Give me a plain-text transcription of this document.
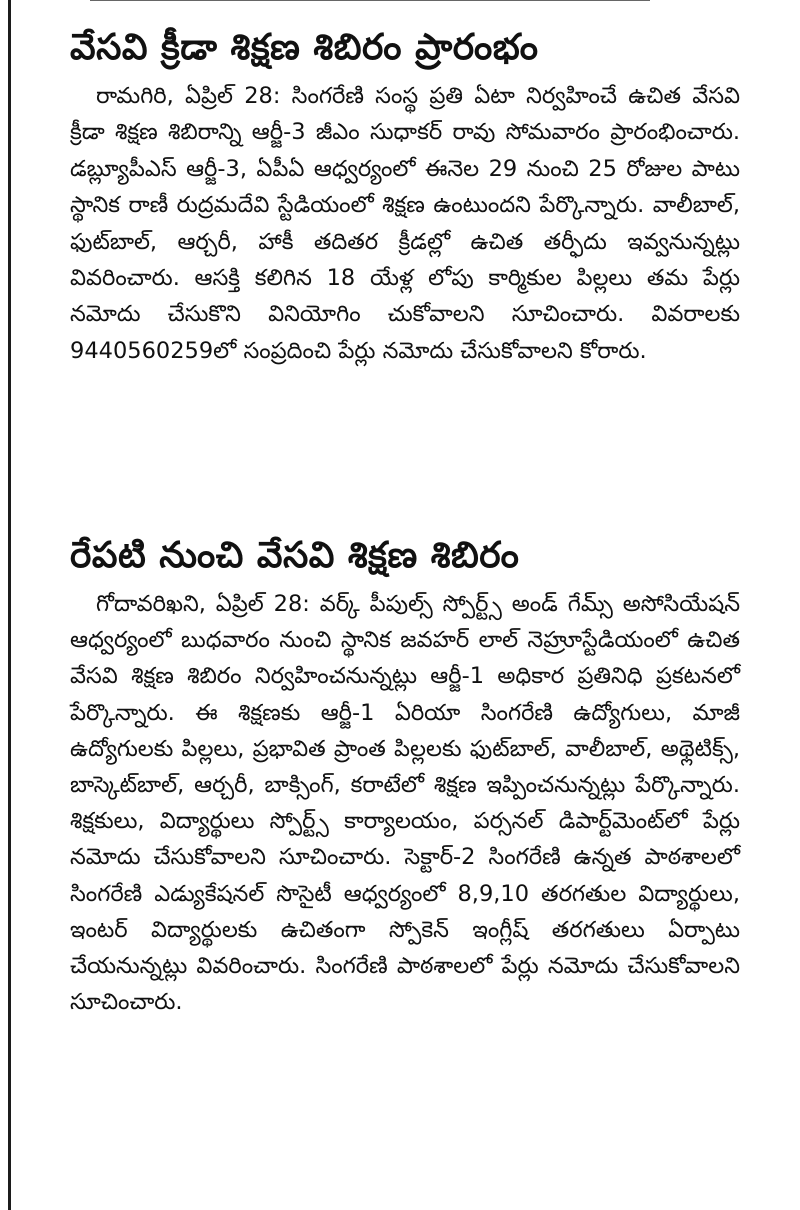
వేసవి క్రీడా శిక్షణ శిబిరం ప్రారంభం

రామగిరి, ఏప్రిల్ 28: సింగరేణి సంస్థ ప్రతి ఏటా నిర్వహించే ఉచిత వేసవి క్రీడా శిక్షణ శిబిరాన్ని ఆర్జీ-3 జీఎం సుధాకర్ రావు సోమవారం ప్రారంభించారు. డబ్ల్యూపీఎస్ ఆర్జీ-3, ఏపీఏ ఆధ్వర్యంలో ఈనెల 29 నుంచి 25 రోజుల పాటు స్థానిక రాణీ రుద్రమదేవి స్టేడియంలో శిక్షణ ఉంటుందని పేర్కొన్నారు. వాలీబాల్, ఫుట్‌బాల్, ఆర్చరీ, హాకీ తదితర క్రీడల్లో ఉచిత తర్ఫీదు ఇవ్వనున్నట్లు వివరించారు. ఆసక్తి కలిగిన 18 యేళ్ల లోపు కార్మికుల పిల్లలు తమ పేర్లు నమోదు చేసుకొని వినియోగిం చుకోవాలని సూచించారు. వివరాలకు 9440560259లో సంప్రదించి పేర్లు నమోదు చేసుకోవాలని కోరారు.

రేపటి నుంచి వేసవి శిక్షణ శిబిరం

గోదావరిఖని, ఏప్రిల్ 28: వర్క్ పీపుల్స్ స్పోర్ట్స్ అండ్ గేమ్స్ అసోసియేషన్ ఆధ్వర్యంలో బుధవారం నుంచి స్థానిక జవహర్ లాల్ నెహ్రూస్టేడియంలో ఉచిత వేసవి శిక్షణ శిబిరం నిర్వహించనున్నట్లు ఆర్జీ-1 అధికార ప్రతినిధి ప్రకటనలో పేర్కొన్నారు. ఈ శిక్షణకు ఆర్జీ-1 ఏరియా సింగరేణి ఉద్యోగులు, మాజీ ఉద్యోగులకు పిల్లలు, ప్రభావిత ప్రాంత పిల్లలకు ఫుట్‌బాల్, వాలీబాల్, అథ్లెటిక్స్, బాస్కెట్‌బాల్, ఆర్చరీ, బాక్సింగ్, కరాటేలో శిక్షణ ఇప్పించనున్నట్లు పేర్కొన్నారు. శిక్షకులు, విద్యార్థులు స్పోర్ట్స్ కార్యాలయం, పర్సనల్ డిపార్ట్‌మెంట్‌లో పేర్లు నమోదు చేసుకోవాలని సూచించారు. సెక్టార్-2 సింగరేణి ఉన్నత పాఠశాలలో సింగరేణి ఎడ్యుకేషనల్ సొసైటీ ఆధ్వర్యంలో 8,9,10 తరగతుల విద్యార్థులు, ఇంటర్ విద్యార్థులకు ఉచితంగా స్పోకెన్ ఇంగ్లీష్ తరగతులు ఏర్పాటు చేయనున్నట్లు వివరించారు. సింగరేణి పాఠశాలలో పేర్లు నమోదు చేసుకోవాలని సూచించారు.
